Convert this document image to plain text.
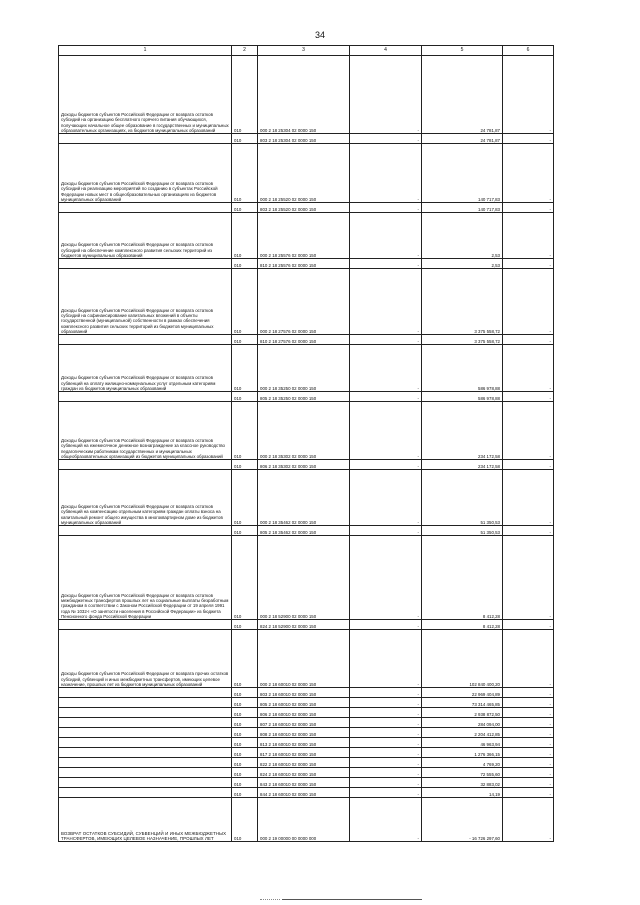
34
1	2	3	4	5	6
Доходы бюджетов субъектов Российской Федерации от возврата остатков субсидий на организацию бесплатного горячего питания обучающихся, получающих начальное общее образование в государственных и муниципальных образовательных организациях, из бюджетов муниципальных образований	010	000 2 18 25304 02 0000 150	-	24 781,87	-
	010	803 2 18 25304 02 0000 150	-	24 781,87	-
Доходы бюджетов субъектов Российской Федерации от возврата остатков субсидий на реализацию мероприятий по созданию в субъектах Российской Федерации новых мест в общеобразовательных организациях из бюджетов муниципальных образований	010	000 2 18 25520 02 0000 150	-	140 717,83	-
	010	803 2 18 25520 02 0000 150	-	140 717,83	-
Доходы бюджетов субъектов Российской Федерации от возврата остатков субсидий на обеспечение комплексного развития сельских территорий из бюджетов муниципальных образований	010	000 2 18 25576 02 0000 150	-	2,53	-
	010	810 2 18 25576 02 0000 150	-	2,53	-
Доходы бюджетов субъектов Российской Федерации от возврата остатков субсидий на софинансирование капитальных вложений в объекты государственной (муниципальной) собственности в рамках обеспечения комплексного развития сельских территорий из бюджетов муниципальных образований	010	000 2 18 27576 02 0000 150	-	3 375 558,72	-
	010	810 2 18 27576 02 0000 150	-	3 375 558,72	-
Доходы бюджетов субъектов Российской Федерации от возврата остатков субвенций на оплату жилищно-коммунальных услуг отдельным категориям граждан из бюджетов муниципальных образований	010	000 2 18 35250 02 0000 150	-	586 978,88	-
	010	805 2 18 35250 02 0000 150	-	586 978,88	-
Доходы бюджетов субъектов Российской Федерации от возврата остатков субвенций на ежемесячное денежное вознаграждение за классное руководство педагогическим работникам государственных и муниципальных общеобразовательных организаций из бюджетов муниципальных образований	010	000 2 18 35302 02 0000 150	-	234 172,58	-
	010	806 2 18 35302 02 0000 150	-	234 172,58	-
Доходы бюджетов субъектов Российской Федерации от возврата остатков субвенций на компенсацию отдельным категориям граждан оплаты взноса на капитальный ремонт общего имущества в многоквартирном доме из бюджетов муниципальных образований	010	000 2 18 35462 02 0000 150	-	51 350,53	-
	010	805 2 18 35462 02 0000 150	-	51 350,53	-
Доходы бюджетов субъектов Российской Федерации от возврата остатков межбюджетных трансфертов прошлых лет на социальные выплаты безработным гражданам в соответствии с Законом Российской Федерации от 19 апреля 1991 года № 1032-I «О занятости населения в Российской Федерации» из бюджета Пенсионного фонда Российской Федерации	010	000 2 18 52900 02 0000 150	-	8 412,28	-
	010	824 2 18 52900 02 0000 150	-	8 412,28	-
Доходы бюджетов субъектов Российской Федерации от возврата прочих остатков субсидий, субвенций и иных межбюджетных трансфертов, имеющих целевое назначение, прошлых лет из бюджетов муниципальных образований	010	000 2 18 60010 02 0000 150	-	102 840 400,20	-
	010	803 2 18 60010 02 0000 150	-	22 969 404,89	-
	010	805 2 18 60010 02 0000 150	-	73 314 465,85	-
	010	806 2 18 60010 02 0000 150	-	2 938 872,50	-
	010	807 2 18 60010 02 0000 150	-	284 094,00	-
	010	808 2 18 60010 02 0000 150	-	2 204 412,85	-
	010	813 2 18 60010 02 0000 150	-	46 963,94	-
	010	817 2 18 60010 02 0000 150	-	1 276 366,15	-
	010	822 2 18 60010 02 0000 150	-	4 769,20	-
	010	824 2 18 60010 02 0000 150	-	72 555,60	-
	010	843 2 18 60010 02 0000 150	-	32 883,02	-
	010	844 2 18 60010 02 0000 150	-	14,19	-
ВОЗВРАТ ОСТАТКОВ СУБСИДИЙ, СУБВЕНЦИЙ И ИНЫХ МЕЖБЮДЖЕТНЫХ ТРАНСФЕРТОВ, ИМЕЮЩИХ ЦЕЛЕВОЕ НАЗНАЧЕНИЕ, ПРОШЛЫХ ЛЕТ	010	000 2 19 00000 00 0000 000	-	- 16 726 297,60	-
